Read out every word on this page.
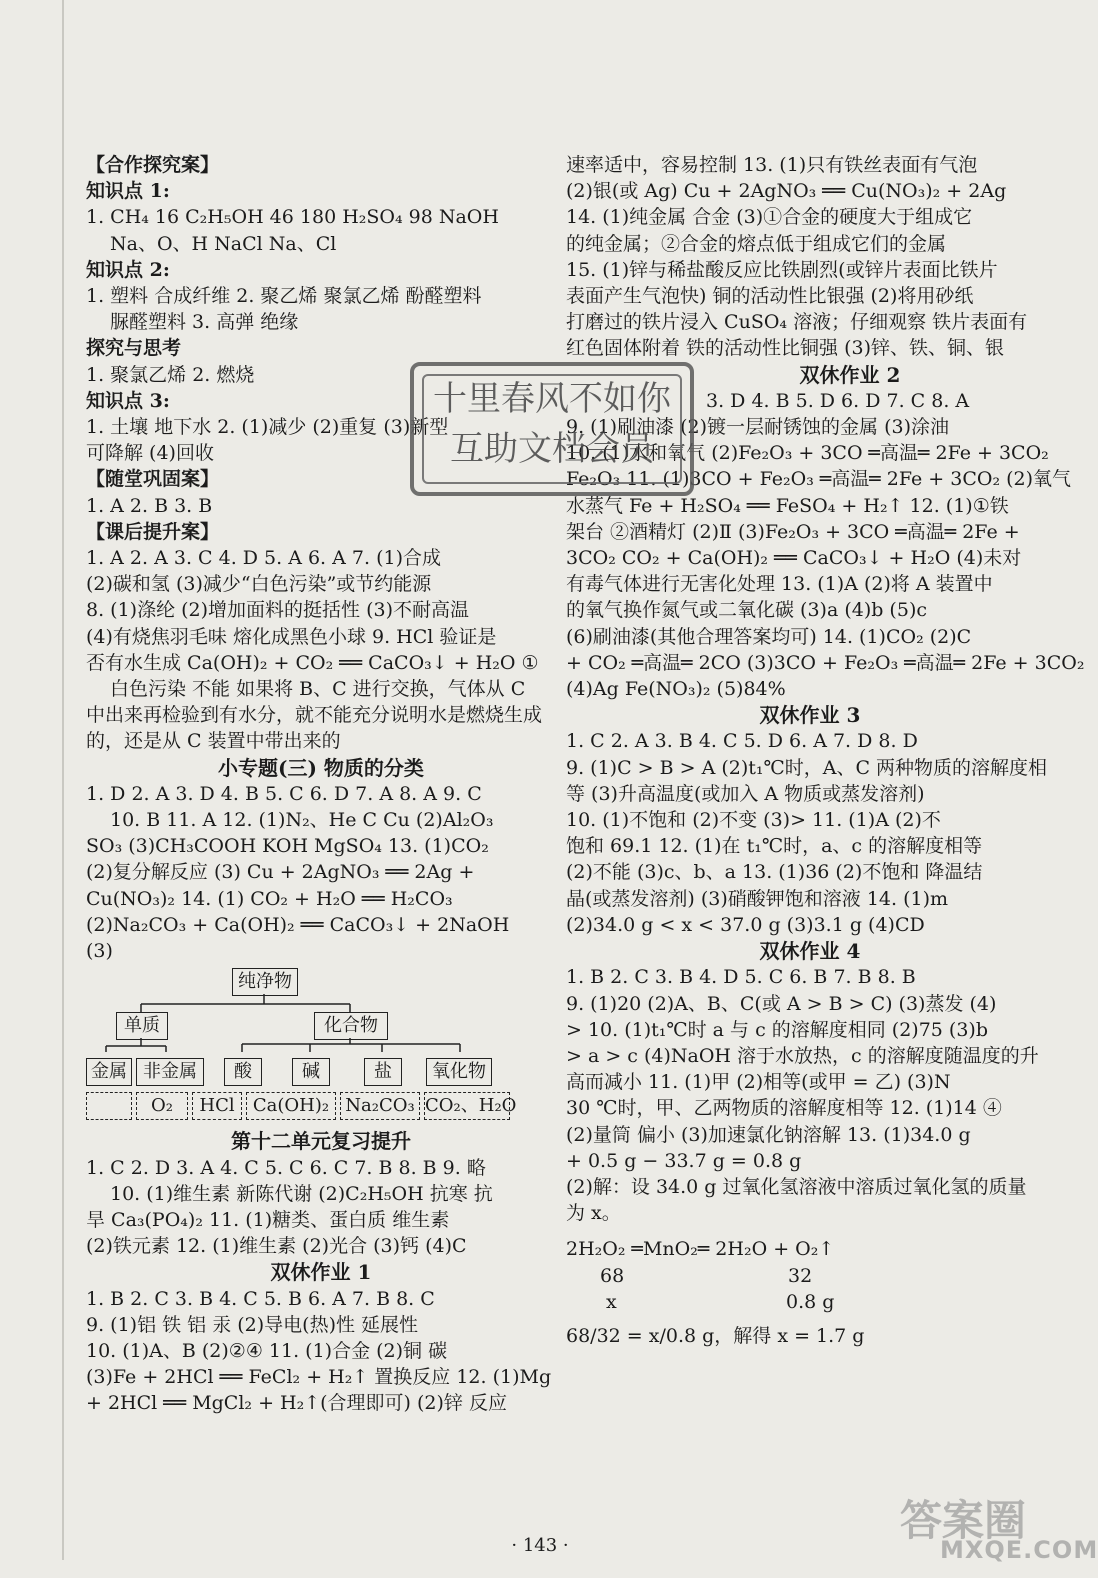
【合作探究案】
知识点 1:
1. CH₄ 16 C₂H₅OH 46 180 H₂SO₄ 98 NaOH
Na、O、H NaCl Na、Cl
知识点 2:
1. 塑料 合成纤维 2. 聚乙烯 聚氯乙烯 酚醛塑料
脲醛塑料 3. 高弹 绝缘
探究与思考
1. 聚氯乙烯 2. 燃烧
知识点 3:
1. 土壤 地下水 2. (1)减少 (2)重复 (3)新型
可降解 (4)回收
【随堂巩固案】
1. A 2. B 3. B
【课后提升案】
1. A 2. A 3. C 4. D 5. A 6. A 7. (1)合成
(2)碳和氢 (3)减少“白色污染”或节约能源
8. (1)涤纶 (2)增加面料的挺括性 (3)不耐高温
(4)有烧焦羽毛味 熔化成黑色小球 9. HCl 验证是
否有水生成 Ca(OH)₂ + CO₂ ══ CaCO₃↓ + H₂O ①
白色污染 不能 如果将 B、C 进行交换，气体从 C
中出来再检验到有水分，就不能充分说明水是燃烧生成
的，还是从 C 装置中带出来的
小专题(三) 物质的分类
1. D 2. A 3. D 4. B 5. C 6. D 7. A 8. A 9. C
10. B 11. A 12. (1)N₂、He C Cu (2)Al₂O₃
SO₃ (3)CH₃COOH KOH MgSO₄ 13. (1)CO₂
(2)复分解反应 (3) Cu + 2AgNO₃ ══ 2Ag +
Cu(NO₃)₂ 14. (1) CO₂ + H₂O ══ H₂CO₃
(2)Na₂CO₃ + Ca(OH)₂ ══ CaCO₃↓ + 2NaOH
(3)
纯净物
单质	化合物
金属 非金属	酸	碱	盐	氧化物
O₂	HCl	Ca(OH)₂ Na₂CO₃ CO₂、H₂O
第十二单元复习提升
1. C 2. D 3. A 4. C 5. C 6. C 7. B 8. B 9. 略
10. (1)维生素 新陈代谢 (2)C₂H₅OH 抗寒 抗
旱 Ca₃(PO₄)₂ 11. (1)糖类、蛋白质 维生素
(2)铁元素 12. (1)维生素 (2)光合 (3)钙 (4)C
双休作业 1
1. B 2. C 3. B 4. C 5. B 6. A 7. B 8. C
9. (1)铝 铁 铝 汞 (2)导电(热)性 延展性
10. (1)A、B (2)②④ 11. (1)合金 (2)铜 碳
(3)Fe + 2HCl ══ FeCl₂ + H₂↑ 置换反应 12. (1)Mg
+ 2HCl ══ MgCl₂ + H₂↑(合理即可) (2)锌 反应
速率适中，容易控制 13. (1)只有铁丝表面有气泡
(2)银(或 Ag) Cu + 2AgNO₃ ══ Cu(NO₃)₂ + 2Ag
14. (1)纯金属 合金 (3)①合金的硬度大于组成它
的纯金属；②合金的熔点低于组成它们的金属
15. (1)锌与稀盐酸反应比铁剧烈(或锌片表面比铁片
表面产生气泡快) 铜的活动性比银强 (2)将用砂纸
打磨过的铁片浸入 CuSO₄ 溶液；仔细观察 铁片表面有
红色固体附着 铁的活动性比铜强 (3)锌、铁、铜、银
双休作业 2
3. D 4. B 5. D 6. D 7. C 8. A
9. (1)刷油漆 (2)镀一层耐锈蚀的金属 (3)涂油
10. (1)水和氧气 (2)Fe₂O₃ + 3CO ═高温═ 2Fe + 3CO₂
Fe₂O₃ 11. (1)3CO + Fe₂O₃ ═高温═ 2Fe + 3CO₂ (2)氧气
水蒸气 Fe + H₂SO₄ ══ FeSO₄ + H₂↑ 12. (1)①铁
架台 ②酒精灯 (2)Ⅱ (3)Fe₂O₃ + 3CO ═高温═ 2Fe +
3CO₂ CO₂ + Ca(OH)₂ ══ CaCO₃↓ + H₂O (4)未对
有毒气体进行无害化处理 13. (1)A (2)将 A 装置中
的氧气换作氮气或二氧化碳 (3)a (4)b (5)c
(6)刷油漆(其他合理答案均可) 14. (1)CO₂ (2)C
+ CO₂ ═高温═ 2CO (3)3CO + Fe₂O₃ ═高温═ 2Fe + 3CO₂
(4)Ag Fe(NO₃)₂ (5)84%
双休作业 3
1. C 2. A 3. B 4. C 5. D 6. A 7. D 8. D
9. (1)C > B > A (2)t₁℃时，A、C 两种物质的溶解度相
等 (3)升高温度(或加入 A 物质或蒸发溶剂)
10. (1)不饱和 (2)不变 (3)> 11. (1)A (2)不
饱和 69.1 12. (1)在 t₁℃时，a、c 的溶解度相等
(2)不能 (3)c、b、a 13. (1)36 (2)不饱和 降温结
晶(或蒸发溶剂) (3)硝酸钾饱和溶液 14. (1)m
(2)34.0 g < x < 37.0 g (3)3.1 g (4)CD
双休作业 4
1. B 2. C 3. B 4. D 5. C 6. B 7. B 8. B
9. (1)20 (2)A、B、C(或 A > B > C) (3)蒸发 (4)
> 10. (1)t₁℃时 a 与 c 的溶解度相同 (2)75 (3)b
> a > c (4)NaOH 溶于水放热，c 的溶解度随温度的升
高而减小 11. (1)甲 (2)相等(或甲 = 乙) (3)N
30 ℃时，甲、乙两物质的溶解度相等 12. (1)14 ④
(2)量筒 偏小 (3)加速氯化钠溶解 13. (1)34.0 g
+ 0.5 g − 33.7 g = 0.8 g
(2)解：设 34.0 g 过氧化氢溶液中溶质过氧化氢的质量
为 x。
2H₂O₂ ═MnO₂═ 2H₂O + O₂↑
68	32
x	0.8 g
68/32 = x/0.8 g，解得 x = 1.7 g
十里春风不如你
互助文档会员
· 143 ·
答案圈
MXQE.COM
